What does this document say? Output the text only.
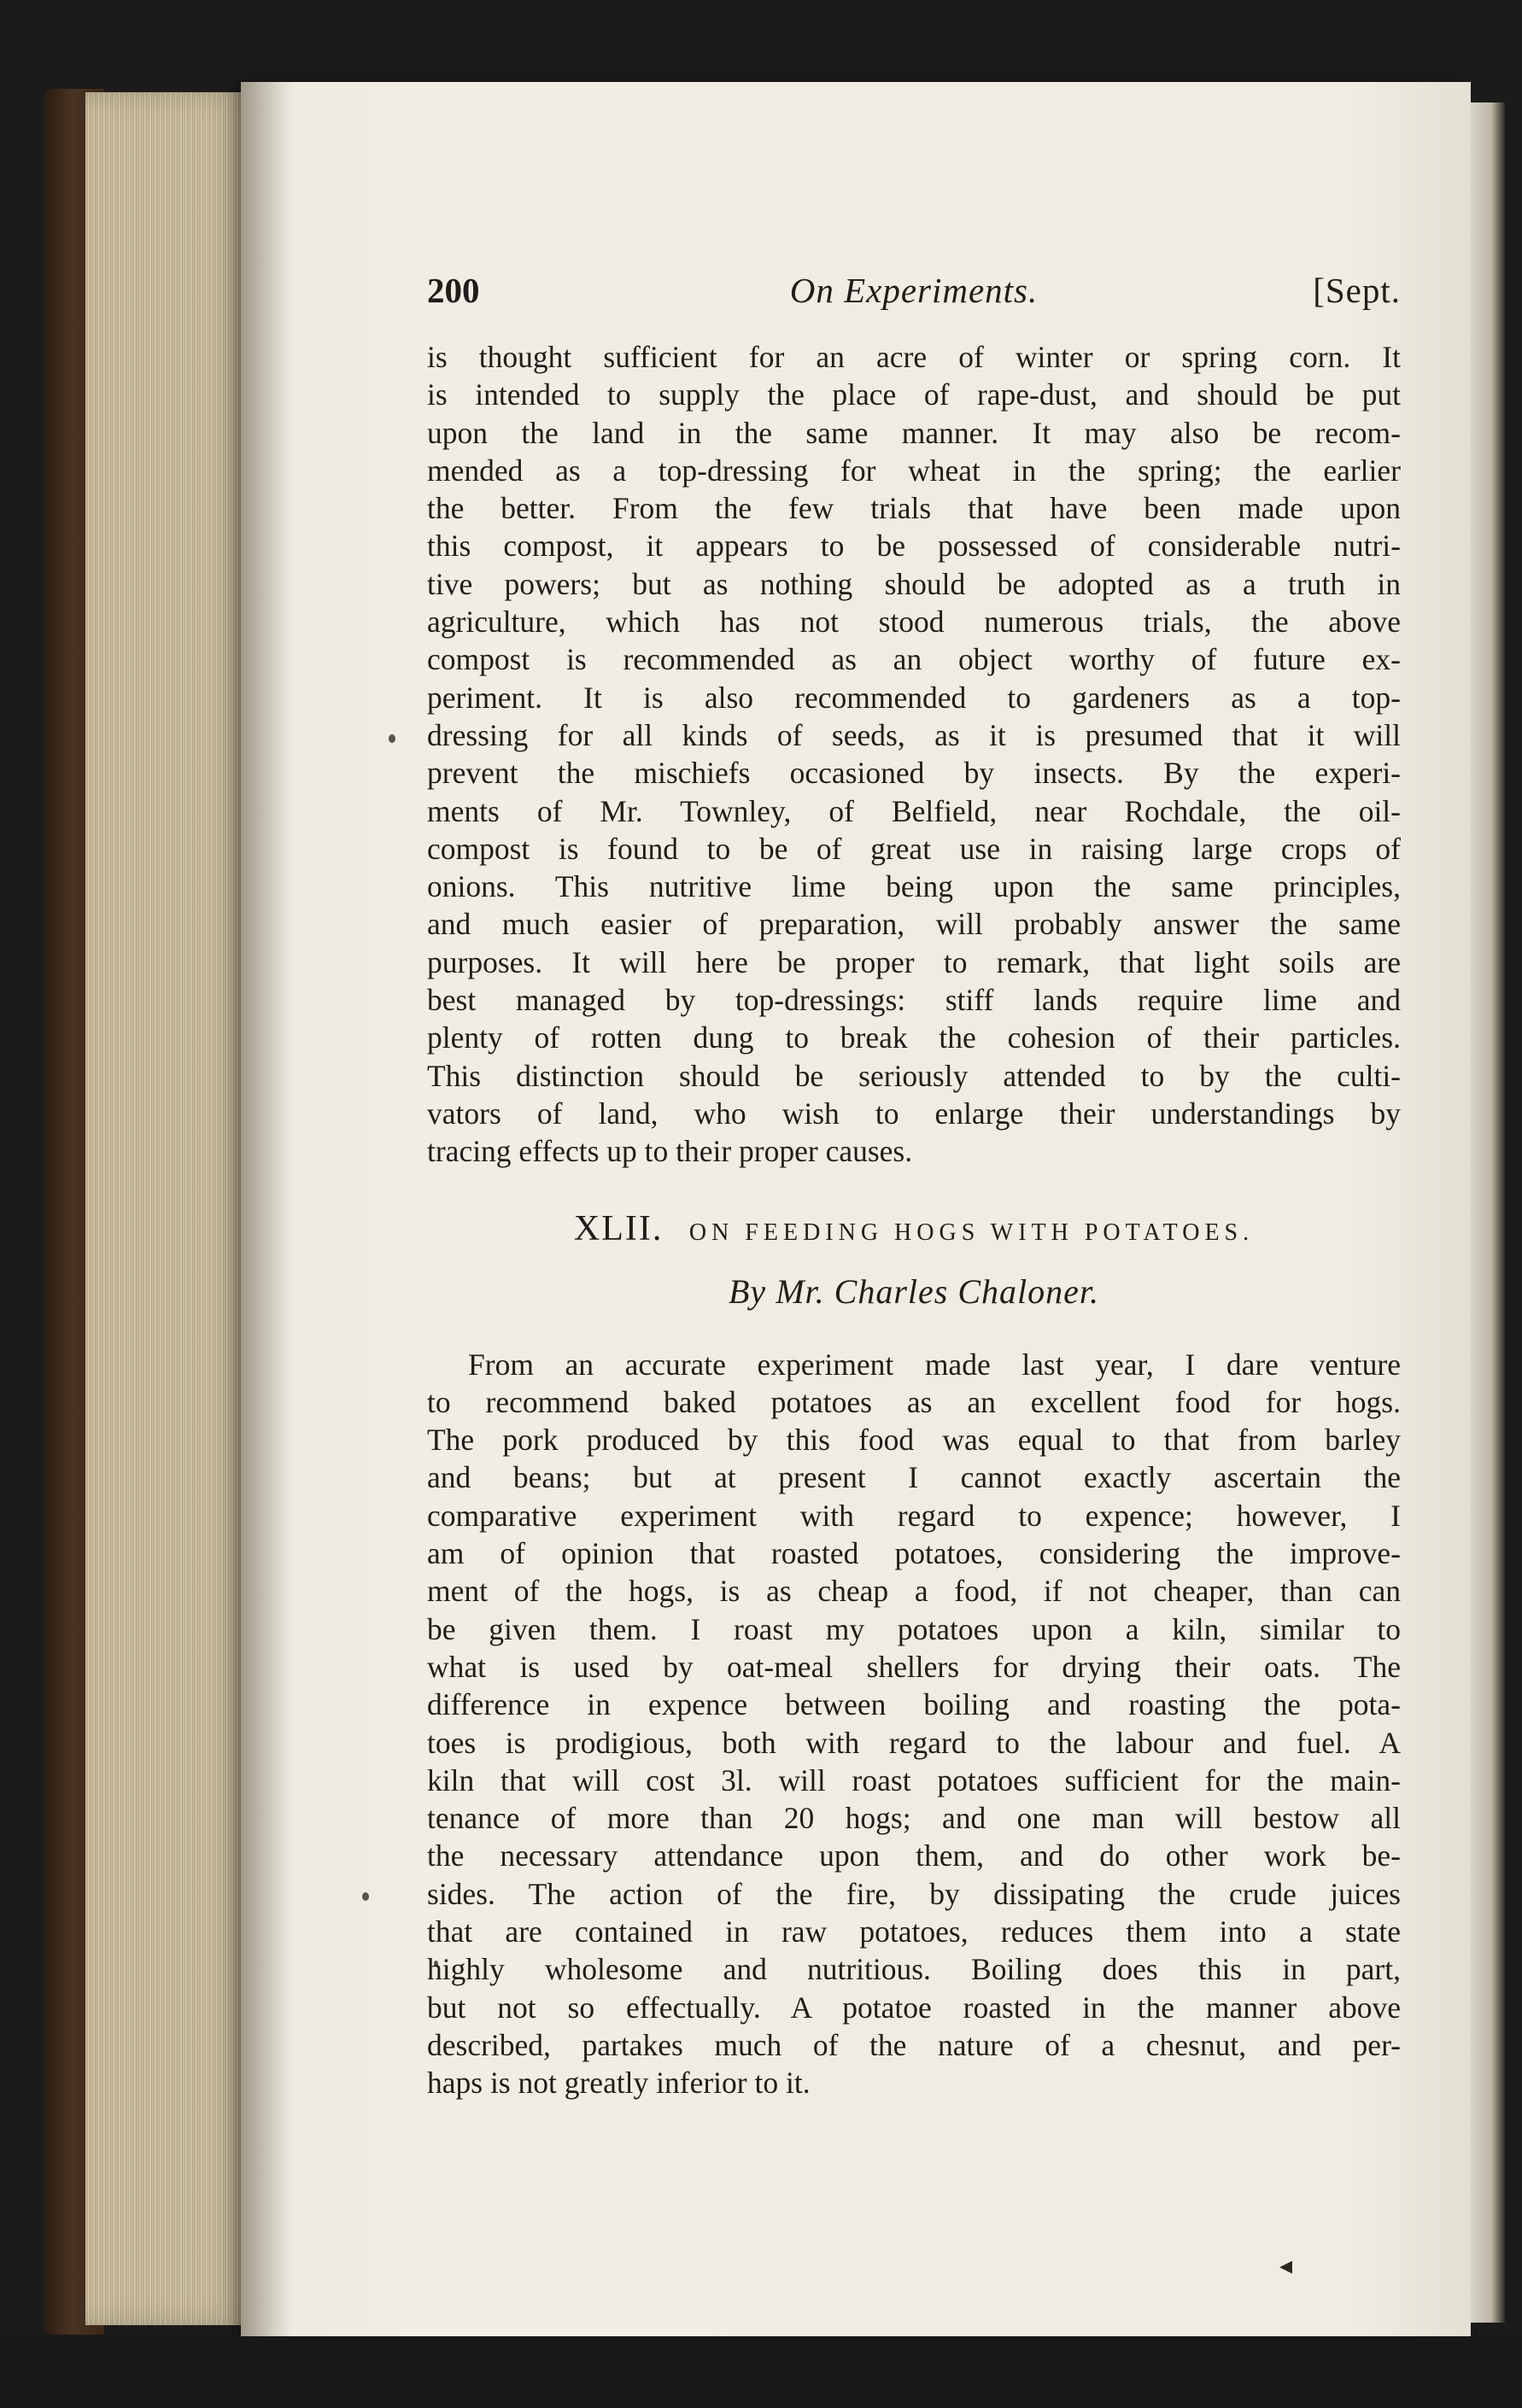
200	On Experiments.	[Sept.

is thought sufficient for an acre of winter or spring corn. It
is intended to supply the place of rape-dust, and should be put
upon the land in the same manner. It may also be recom-
mended as a top-dressing for wheat in the spring; the earlier
the better. From the few trials that have been made upon
this compost, it appears to be possessed of considerable nutri-
tive powers; but as nothing should be adopted as a truth in
agriculture, which has not stood numerous trials, the above
compost is recommended as an object worthy of future ex-
periment. It is also recommended to gardeners as a top-
dressing for all kinds of seeds, as it is presumed that it will
prevent the mischiefs occasioned by insects. By the experi-
ments of Mr. Townley, of Belfield, near Rochdale, the oil-
compost is found to be of great use in raising large crops of
onions. This nutritive lime being upon the same principles,
and much easier of preparation, will probably answer the same
purposes. It will here be proper to remark, that light soils are
best managed by top-dressings: stiff lands require lime and
plenty of rotten dung to break the cohesion of their particles.
This distinction should be seriously attended to by the culti-
vators of land, who wish to enlarge their understandings by
tracing effects up to their proper causes.

XLII. ON FEEDING HOGS WITH POTATOES.
By Mr. Charles Chaloner.

From an accurate experiment made last year, I dare venture
to recommend baked potatoes as an excellent food for hogs.
The pork produced by this food was equal to that from barley
and beans; but at present I cannot exactly ascertain the
comparative experiment with regard to expence; however, I
am of opinion that roasted potatoes, considering the improve-
ment of the hogs, is as cheap a food, if not cheaper, than can
be given them. I roast my potatoes upon a kiln, similar to
what is used by oat-meal shellers for drying their oats. The
difference in expence between boiling and roasting the pota-
toes is prodigious, both with regard to the labour and fuel. A
kiln that will cost 3l. will roast potatoes sufficient for the main-
tenance of more than 20 hogs; and one man will bestow all
the necessary attendance upon them, and do other work be-
sides. The action of the fire, by dissipating the crude juices
that are contained in raw potatoes, reduces them into a state
highly wholesome and nutritious. Boiling does this in part,
but not so effectually. A potatoe roasted in the manner above
described, partakes much of the nature of a chesnut, and per-
haps is not greatly inferior to it.

◂
